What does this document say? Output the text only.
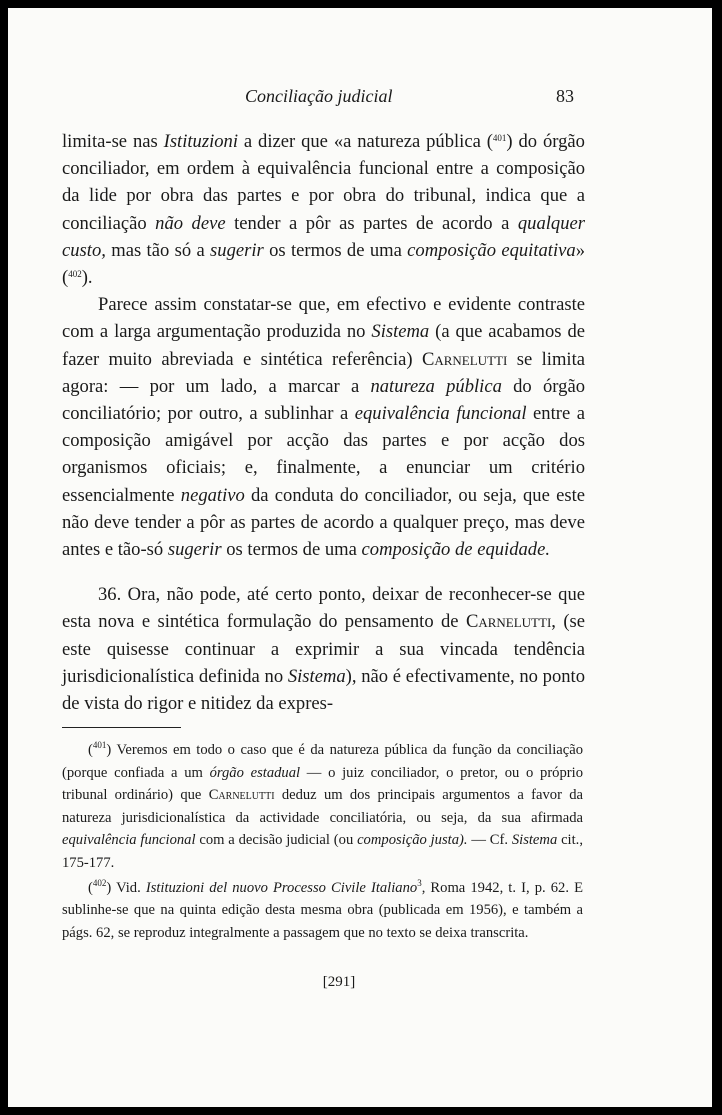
Conciliação judicial	83

limita-se nas Istituzioni a dizer que «a natureza pública ($^{401}$) do órgão conciliador, em ordem à equivalência funcional entre a composição da lide por obra das partes e por obra do tribunal, indica que a conciliação não deve tender a pôr as partes de acordo a qualquer custo, mas tão só a sugerir os termos de uma composição equitativa» ($^{402}$).

Parece assim constatar-se que, em efectivo e evidente contraste com a larga argumentação produzida no Sistema (a que acabamos de fazer muito abreviada e sintética referência) Carnelutti se limita agora: — por um lado, a marcar a natureza pública do órgão conciliatório; por outro, a sublinhar a equivalência funcional entre a composição amigável por acção das partes e por acção dos organismos oficiais; e, finalmente, a enunciar um critério essencialmente negativo da conduta do conciliador, ou seja, que este não deve tender a pôr as partes de acordo a qualquer preço, mas deve antes e tão-só sugerir os termos de uma composição de equidade.

36. Ora, não pode, até certo ponto, deixar de reconhecer-se que esta nova e sintética formulação do pensamento de Carnelutti, (se este quisesse continuar a exprimir a sua vincada tendência jurisdicionalística definida no Sistema), não é efectivamente, no ponto de vista do rigor e nitidez da expres-

($^{401}$) Veremos em todo o caso que é da natureza pública da função da conciliação (porque confiada a um órgão estadual — o juiz conciliador, o pretor, ou o próprio tribunal ordinário) que Carnelutti deduz um dos principais argumentos a favor da natureza jurisdicionalística da actividade conciliatória, ou seja, da sua afirmada equivalência funcional com a decisão judicial (ou composição justa). — Cf. Sistema cit., 175-177.

($^{402}$) Vid. Istituzioni del nuovo Processo Civile Italiano$^3$, Roma 1942, t. I, p. 62. E sublinhe-se que na quinta edição desta mesma obra (publicada em 1956), e também a págs. 62, se reproduz integralmente a passagem que no texto se deixa transcrita.

[291]
